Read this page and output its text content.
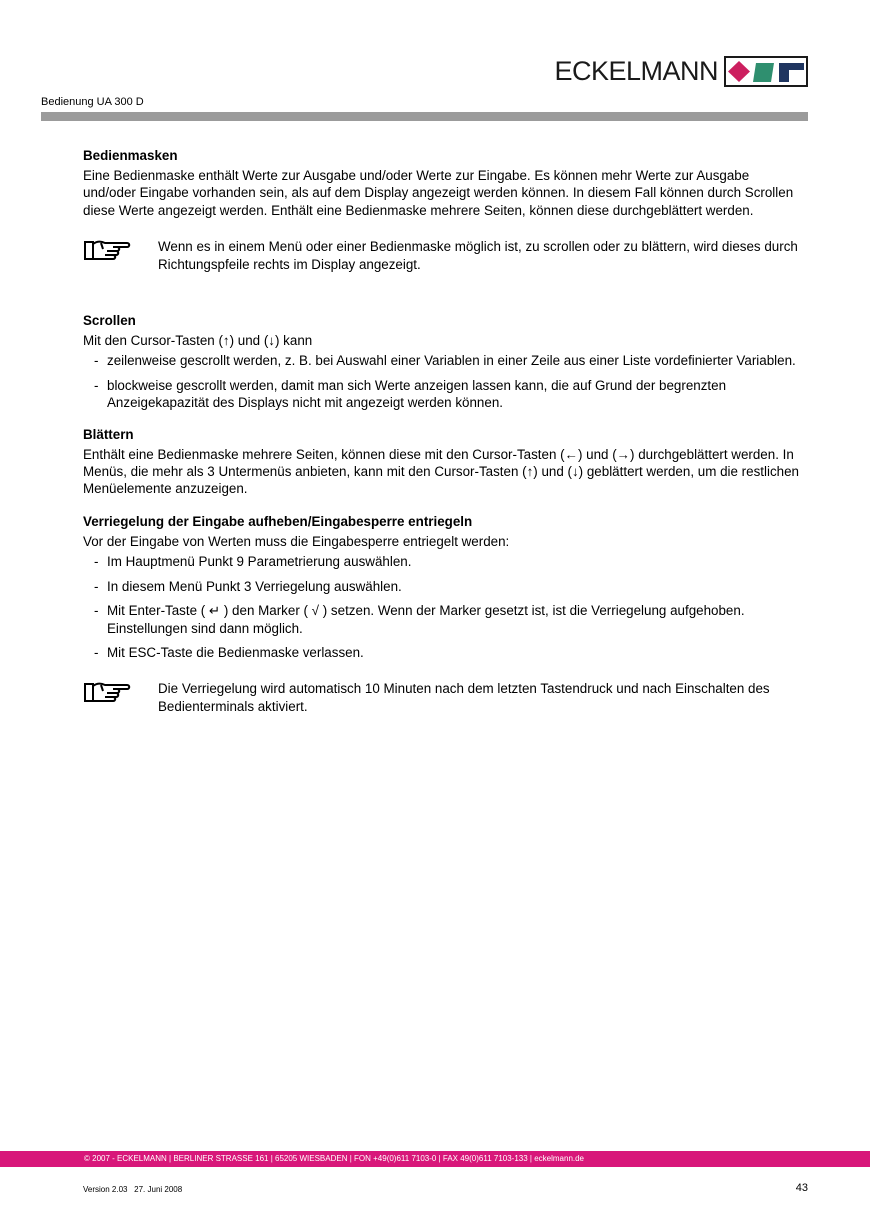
ECKELMANN
Bedienung UA 300 D
Bedienmasken

Eine Bedienmaske enthält Werte zur Ausgabe und/oder Werte zur Eingabe. Es können mehr Werte zur Ausgabe und/oder Eingabe vorhanden sein, als auf dem Display angezeigt werden können. In diesem Fall können durch Scrollen diese Werte angezeigt werden. Enthält eine Bedienmaske mehrere Seiten, können diese durchgeblättert werden.

Wenn es in einem Menü oder einer Bedienmaske möglich ist, zu scrollen oder zu blättern, wird dieses durch Richtungspfeile rechts im Display angezeigt.
Scrollen

Mit den Cursor-Tasten (↑) und (↓) kann

- zeilenweise gescrollt werden, z. B. bei Auswahl einer Variablen in einer Zeile aus einer Liste vordefinierter Variablen.
- blockweise gescrollt werden, damit man sich Werte anzeigen lassen kann, die auf Grund der begrenzten Anzeigekapazität des Displays nicht mit angezeigt werden können.
Blättern

Enthält eine Bedienmaske mehrere Seiten, können diese mit den Cursor-Tasten (←) und (→) durchgeblättert werden. In Menüs, die mehr als 3 Untermenüs anbieten, kann mit den Cursor-Tasten (↑) und (↓) geblättert werden, um die restlichen Menüelemente anzuzeigen.

Verriegelung der Eingabe aufheben/Eingabesperre entriegeln

Vor der Eingabe von Werten muss die Eingabesperre entriegelt werden:

- Im Hauptmenü Punkt 9 Parametrierung auswählen.
- In diesem Menü Punkt 3 Verriegelung auswählen.
- Mit Enter-Taste ( ↵ ) den Marker ( √ ) setzen. Wenn der Marker gesetzt ist, ist die Verriegelung aufgehoben. Einstellungen sind dann möglich.
- Mit ESC-Taste die Bedienmaske verlassen.
Die Verriegelung wird automatisch 10 Minuten nach dem letzten Tastendruck und nach Einschalten des Bedienterminals aktiviert.
© 2007 - ECKELMANN | BERLINER STRASSE 161 | 65205 WIESBADEN | FON +49(0)611 7103-0 | FAX 49(0)611 7103-133 | eckelmann.de
Version 2.03   27. Juni 2008	43
